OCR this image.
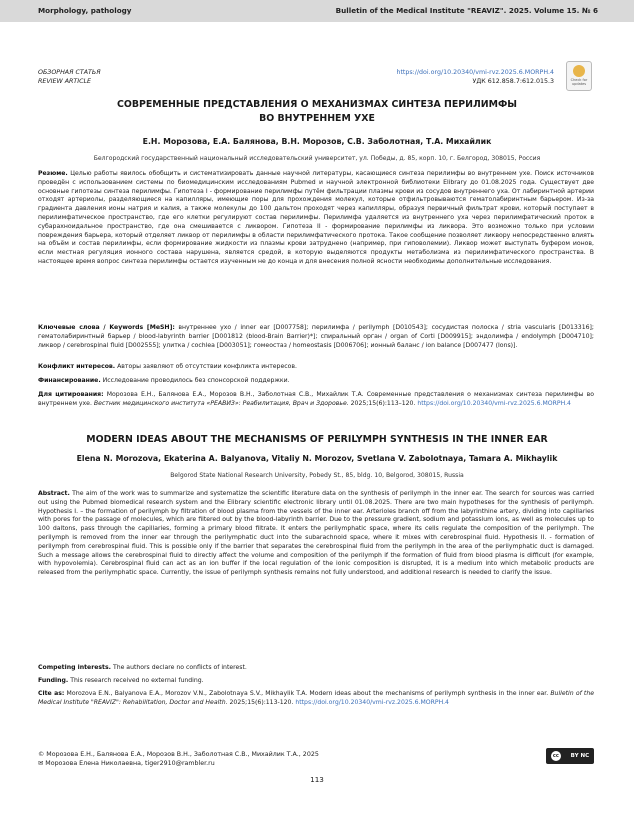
Morphology, pathology	Bulletin of the Medical Institute "REAVIZ". 2025. Volume 15. № 6
ОБЗОРНАЯ СТАТЬЯ
REVIEW ARTICLE
https://doi.org/10.20340/vmi-rvz.2025.6.MORPH.4
УДК 612.858.7:612.015.3	Check for updates
СОВРЕМЕННЫЕ ПРЕДСТАВЛЕНИЯ О МЕХАНИЗМАХ СИНТЕЗА ПЕРИЛИМФЫ
ВО ВНУТРЕННЕМ УХЕ
Е.Н. Морозова, Е.А. Балянова, В.Н. Морозов, С.В. Заболотная, Т.А. Михайлик
Белгородский государственный национальный исследовательский университет, ул. Победы, д. 85, корп. 10, г. Белгород, 308015, Россия
Резюме. Целью работы явилось обобщить и систематизировать данные научной литературы, касающиеся синтеза перилимфы во внутреннем ухе. Поиск источников проведён с использованием системы по биомедицинским исследованиям Pubmed и научной электронной библиотеки Elibrary до 01.08.2025 года. Существует две основные гипотезы синтеза перилимфы. Гипотеза I - формирование перилимфы путём фильтрации плазмы крови из сосудов внутреннего уха. От лабиринтной артерии отходят артериолы, разделяющиеся на капилляры, имеющие поры для прохождения молекул, которые отфильтровываются гематолабиринтным барьером. Из-за градиента давления ионы натрия и калия, а также молекулы до 100 дальтон проходят через капилляры, образуя первичный фильтрат крови, который поступает в перилимфатическое пространство, где его клетки регулируют состав перилимфы. Перилимфа удаляется из внутреннего уха через перилимфатический проток в субарахноидальное пространство, где она смешивается с ликвором. Гипотеза II - формирование перилимфы из ликвора. Это возможно только при условии повреждения барьера, который отделяет ликвор от перилимфы в области перилимфатического протока. Такое сообщение позволяет ликвору непосредственно влиять на объём и состав перилимфы, если формирование жидкости из плазмы крови затруднено (например, при гиповолемии). Ликвор может выступать буфером ионов, если местная регуляция ионного состава нарушена, является средой, в которую выделяются продукты метаболизма из перилимфатического пространства. В настоящее время вопрос синтеза перилимфы остается изученным не до конца и для внесения полной ясности необходимы дополнительные исследования.
Ключевые слова / Keywords [MeSH]: внутреннее ухо / inner ear [D007758]; перилимфа / perilymph [D010543]; сосудистая полоска / stria vascularis [D013316]; гематолабиринтный барьер / blood-labyrinth barrier [D001812 (blood-Brain Barrier)*]; спиральный орган / organ of Corti [D009915]; эндолимфа / endolymph [D004710]; ликвор / cerebrospinal fluid [D002555]; улитка / cochlea [D003051]; гомеостаз / homeostasis [D006706]; ионный баланс / ion balance [D007477 (Ions)].
Конфликт интересов. Авторы заявляют об отсутствии конфликта интересов.
Финансирование. Исследование проводилось без спонсорской поддержки.
Для цитирования: Морозова Е.Н., Балянова Е.А., Морозов В.Н., Заболотная С.В., Михайлик Т.А. Современные представления о механизмах синтеза перилимфы во внутреннем ухе. Вестник медицинского института «РЕАВИЗ»: Реабилитация, Врач и Здоровье. 2025;15(6):113–120. https://doi.org/10.20340/vmi-rvz.2025.6.MORPH.4
MODERN IDEAS ABOUT THE MECHANISMS OF PERILYMPH SYNTHESIS IN THE INNER EAR
Elena N. Morozova, Ekaterina A. Balyanova, Vitaliy N. Morozov, Svetlana V. Zabolotnaya, Tamara A. Mikhaylik
Belgorod State National Research University, Pobedy St., 85, bldg. 10, Belgorod, 308015, Russia
Abstract. The aim of the work was to summarize and systematize the scientific literature data on the synthesis of perilymph in the inner ear. The search for sources was carried out using the Pubmed biomedical research system and the Elibrary scientific electronic library until 01.08.2025. There are two main hypotheses for the synthesis of perilymph. Hypothesis I. – the formation of perilymph by filtration of blood plasma from the vessels of the inner ear. Arterioles branch off from the labyrinthine artery, dividing into capillaries with pores for the passage of molecules, which are filtered out by the blood-labyrinth barrier. Due to the pressure gradient, sodium and potassium ions, as well as molecules up to 100 daltons, pass through the capillaries, forming a primary blood filtrate. It enters the perilymphatic space, where its cells regulate the composition of the perilymph. The perilymph is removed from the inner ear through the perilymphatic duct into the subarachnoid space, where it mixes with cerebrospinal fluid. Hypothesis II. - formation of perilymph from cerebrospinal fluid. This is possible only if the barrier that separates the cerebrospinal fluid from the perilymph in the area of the perilymphatic duct is damaged. Such a message allows the cerebrospinal fluid to directly affect the volume and composition of the perilymph if the formation of fluid from blood plasma is difficult (for example, with hypovolemia). Cerebrospinal fluid can act as an ion buffer if the local regulation of the ionic composition is disrupted, it is a medium into which metabolic products are released from the perilymphatic space. Currently, the issue of perilymph synthesis remains not fully understood, and additional research is needed to clarify the issue.
Competing interests. The authors declare no conflicts of interest.
Funding. This research received no external funding.
Cite as: Morozova E.N., Balyanova E.A., Morozov V.N., Zabolotnaya S.V., Mikhaylik T.A. Modern ideas about the mechanisms of perilymph synthesis in the inner ear. Bulletin of the Medical Institute "REAVIZ": Rehabilitation, Doctor and Health. 2025;15(6):113-120. https://doi.org/10.20340/vmi-rvz.2025.6.MORPH.4
© Морозова Е.Н., Балянова Е.А., Морозов В.Н., Заболотная С.В., Михайлик Т.А., 2025
✉ Морозова Елена Николаевна, tiger2910@rambler.ru
cc	BY NC
113
